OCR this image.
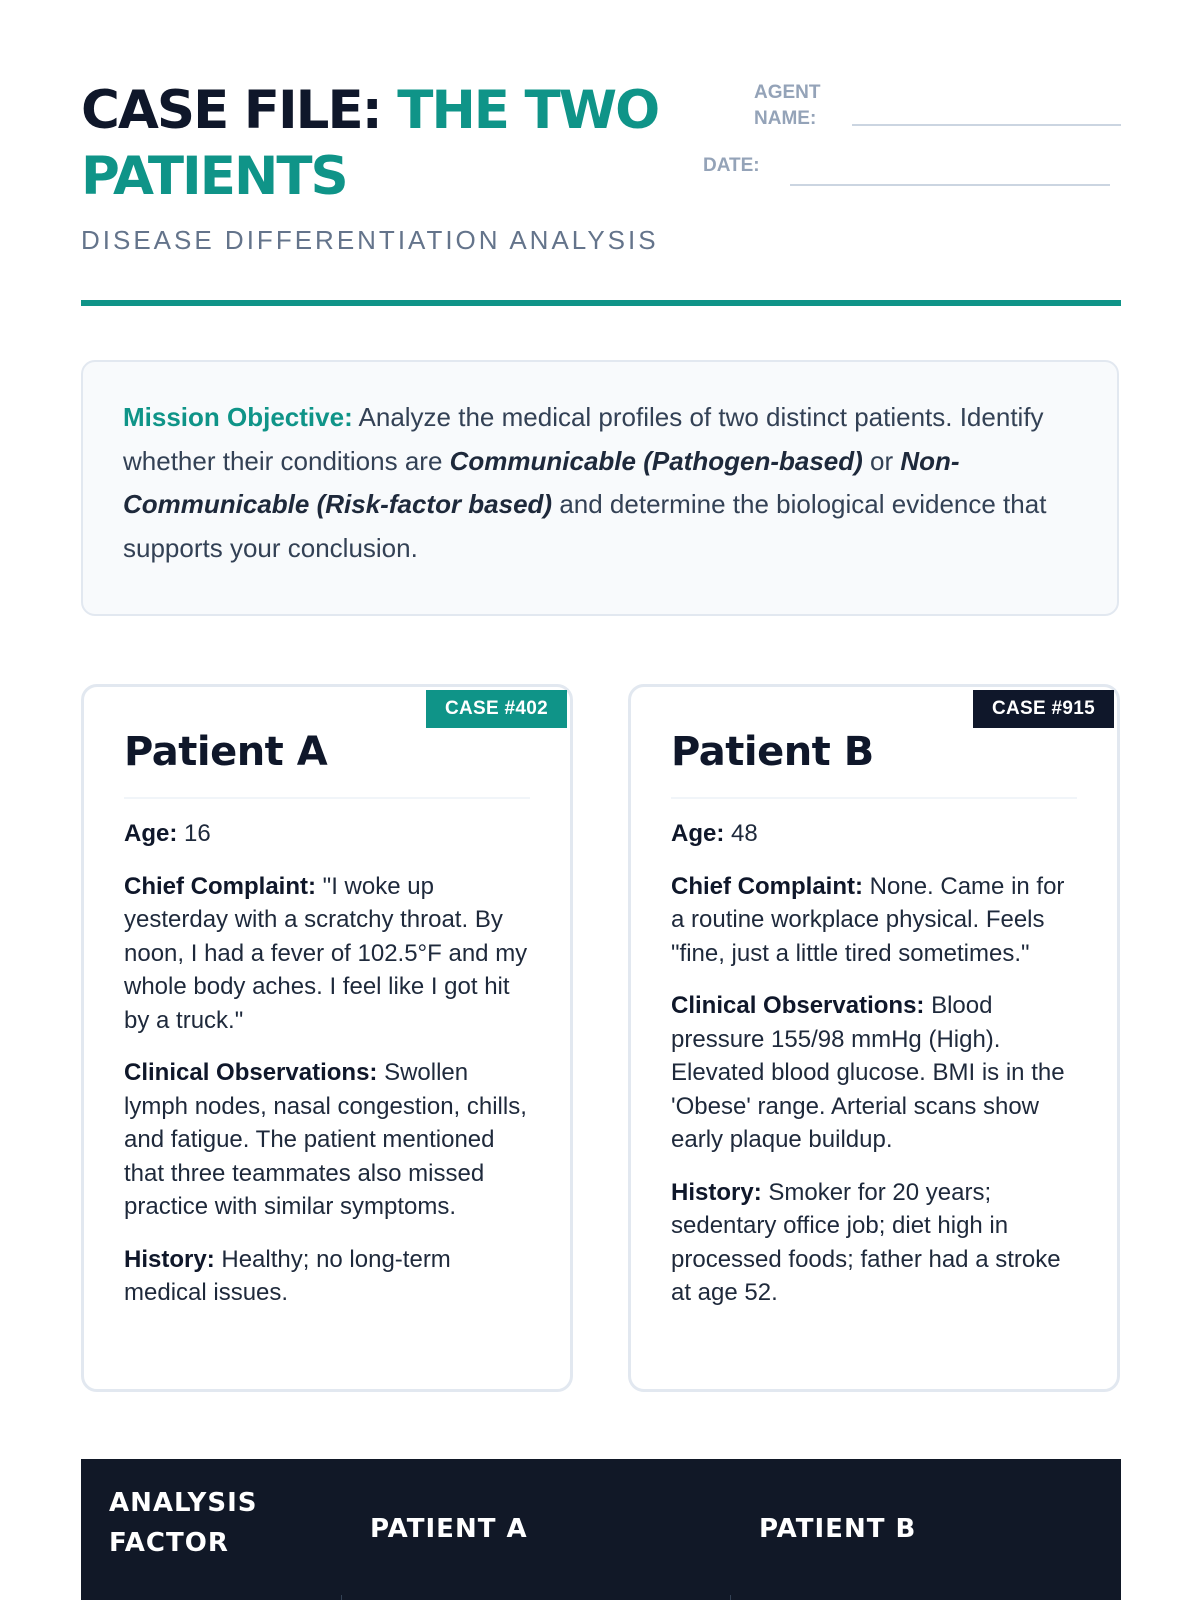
CASE FILE: THE TWO PATIENTS
AGENT NAME:
DATE:
DISEASE DIFFERENTIATION ANALYSIS
Mission Objective: Analyze the medical profiles of two distinct patients. Identify whether their conditions are Communicable (Pathogen-based) or Non-Communicable (Risk-factor based) and determine the biological evidence that supports your conclusion.
CASE #402
Patient A

Age: 16

Chief Complaint: "I woke up yesterday with a scratchy throat. By noon, I had a fever of 102.5°F and my whole body aches. I feel like I got hit by a truck."

Clinical Observations: Swollen lymph nodes, nasal congestion, chills, and fatigue. The patient mentioned that three teammates also missed practice with similar symptoms.

History: Healthy; no long-term medical issues.

CASE #915
Patient B

Age: 48

Chief Complaint: None. Came in for a routine workplace physical. Feels "fine, just a little tired sometimes."

Clinical Observations: Blood pressure 155/98 mmHg (High). Elevated blood glucose. BMI is in the 'Obese' range. Arterial scans show early plaque buildup.

History: Smoker for 20 years; sedentary office job; diet high in processed foods; father had a stroke at age 52.

ANALYSIS FACTOR	PATIENT A	PATIENT B
